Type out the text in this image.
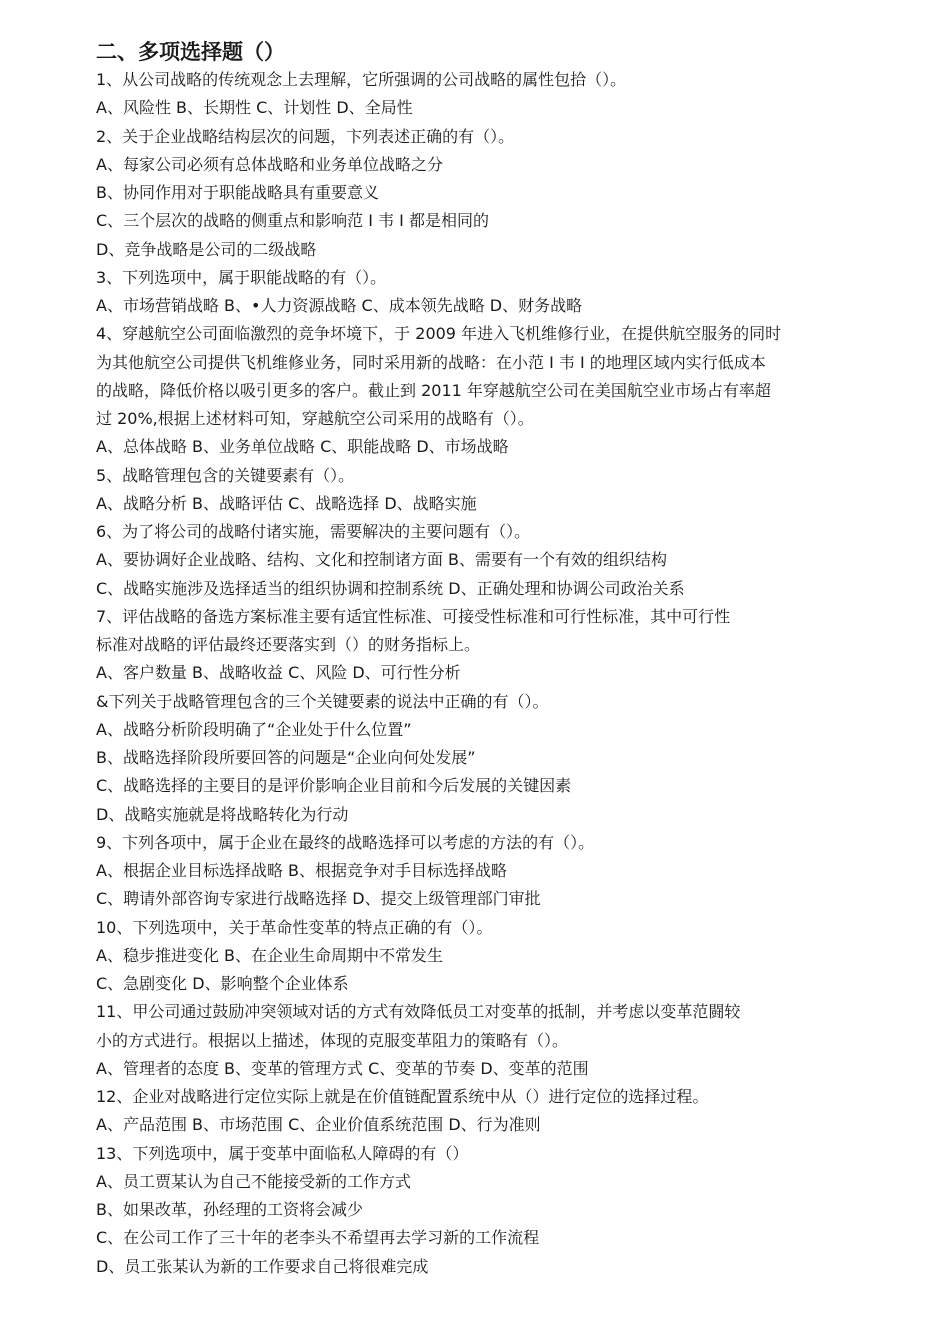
二、多项选择题（）
1、从公司战略的传统观念上去理解，它所强调的公司战略的属性包拾（）。
A、风险性 B、长期性 C、计划性 D、全局性
2、关于企业战略结构层次的问题，卞列表述正确的有（）。
A、每家公司必须有总体战略和业务单位战略之分
B、协同作用对于职能战略具有重要意义
C、三个层次的战略的侧重点和影响范 I 韦 I 都是相同的
D、竞争战略是公司的二级战略
3、下列选项中，属于职能战略的有（）。
A、市场营销战略 B、•人力资源战略 C、成本领先战略 D、财务战略
4、穿越航空公司面临激烈的竞争坏境下，于 2009 年进入飞机维修行业，在提供航空服务的同时
为其他航空公司提供飞机维修业务，同时采用新的战略：在小范 I 韦 I 的地理区域内实行低成本
的战略，降低价格以吸引更多的客户。截止到 2011 年穿越航空公司在美国航空业市场占有率超
过 20%,根据上述材料可知，穿越航空公司采用的战略有（）。
A、总体战略 B、业务单位战略 C、职能战略 D、市场战略
5、战略管理包含的关键要素有（）。
A、战略分析 B、战略评估 C、战略选择 D、战略实施
6、为了将公司的战略付诸实施，需要解决的主要问题有（）。
A、要协调好企业战略、结构、文化和控制诸方面 B、需要有一个有效的组织结构
C、战略实施涉及选择适当的组织协调和控制系统 D、正确处理和协调公司政治关系
7、评估战略的备选方案标准主要有适宜性标准、可接受性标准和可行性标准，其中可行性
标准对战略的评估最终还要落实到（）的财务指标上。
A、客户数量 B、战略收益 C、风险 D、可行性分析
&下列关于战略管理包含的三个关键要素的说法中正确的有（）。
A、战略分析阶段明确了“企业处于什么位置”
B、战略选择阶段所要回答的问题是“企业向何处发展”
C、战略选择的主要目的是评价影响企业目前和今后发展的关键因素
D、战略实施就是将战略转化为行动
9、卞列各项中，属于企业在最终的战略选择可以考虑的方法的有（）。
A、根据企业目标选择战略 B、根据竞争对手目标选择战略
C、聘请外部咨询专家进行战略选择 D、提交上级管理部门审批
10、下列选项中，关于革命性变革的特点正确的有（）。
A、稳步推进变化 B、在企业生命周期中不常发生
C、急剧变化 D、影响整个企业体系
11、甲公司通过鼓励冲突领域对话的方式有效降低员工对变革的抵制，并考虑以变革范闘较
小的方式进行。根据以上描述，体现的克服变革阻力的策略有（）。
A、管理者的态度 B、变革的管理方式 C、变革的节奏 D、变革的范围
12、企业对战略进行定位实际上就是在价值链配置系统中从（）进行定位的选择过程。
A、产品范围 B、市场范围 C、企业价值系统范围 D、行为准则
13、下列选项中，属于变革中面临私人障碍的有（）
A、员工贾某认为自己不能接受新的工作方式
B、如果改革，孙经理的工资将会减少
C、在公司工作了三十年的老李头不希望再去学习新的工作流程
D、员工张某认为新的工作要求自己将很难完成
